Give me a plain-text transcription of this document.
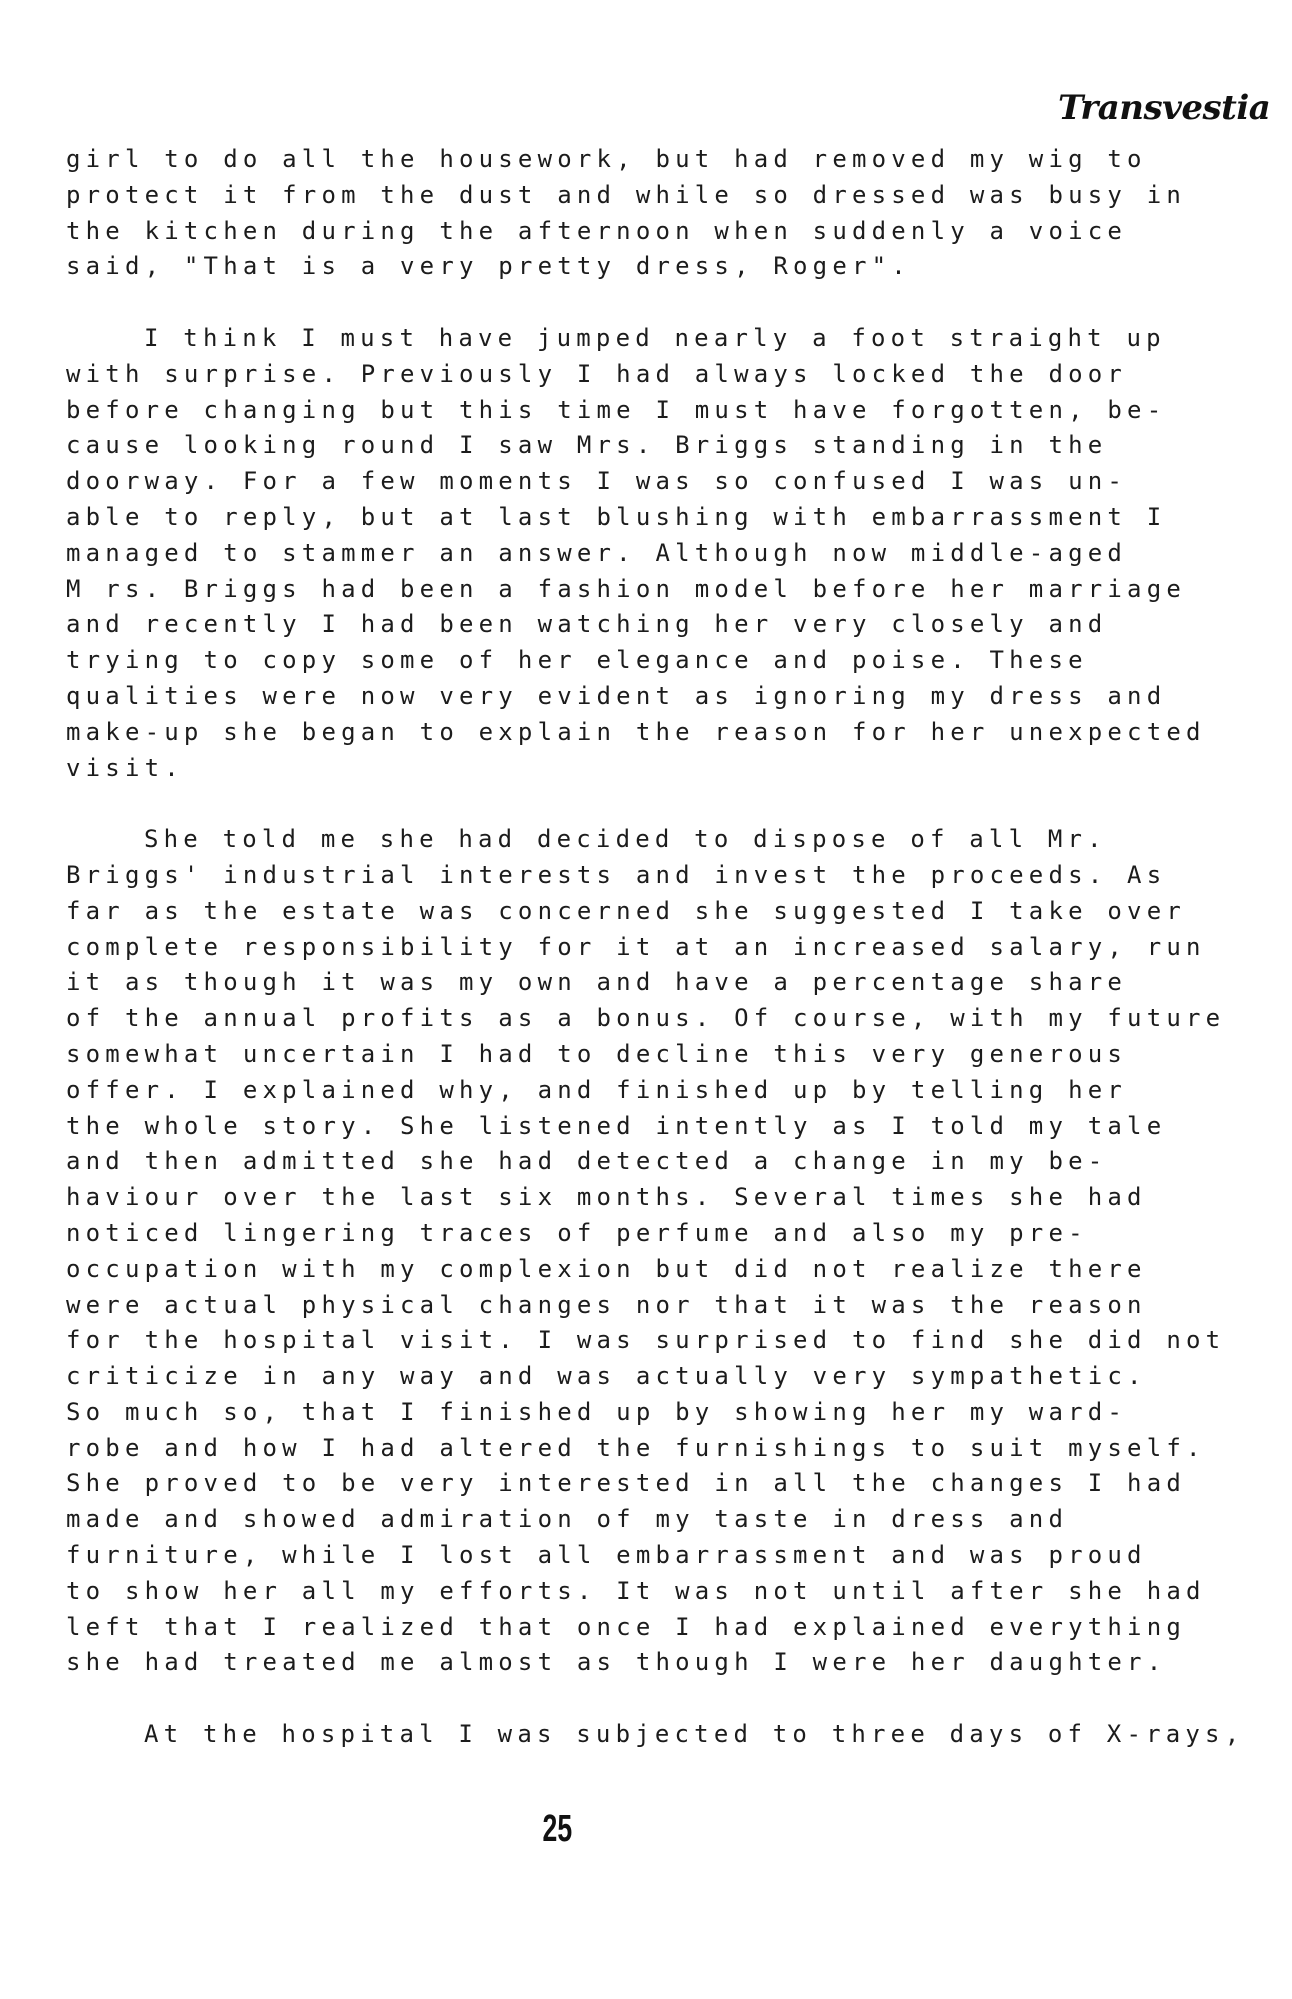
Transvestia
girl to do all the housework, but had removed my wig to
protect it from the dust and while so dressed was busy in
the kitchen during the afternoon when suddenly a voice
said, "That is a very pretty dress, Roger".
I think I must have jumped nearly a foot straight up
with surprise. Previously I had always locked the door
before changing but this time I must have forgotten, be-
cause looking round I saw Mrs. Briggs standing in the
doorway. For a few moments I was so confused I was un-
able to reply, but at last blushing with embarrassment I
managed to stammer an answer. Although now middle-aged
M rs. Briggs had been a fashion model before her marriage
and recently I had been watching her very closely and
trying to copy some of her elegance and poise. These
qualities were now very evident as ignoring my dress and
make-up she began to explain the reason for her unexpected
visit.
She told me she had decided to dispose of all Mr.
Briggs' industrial interests and invest the proceeds. As
far as the estate was concerned she suggested I take over
complete responsibility for it at an increased salary, run
it as though it was my own and have a percentage share
of the annual profits as a bonus. Of course, with my future
somewhat uncertain I had to decline this very generous
offer. I explained why, and finished up by telling her
the whole story. She listened intently as I told my tale
and then admitted she had detected a change in my be-
haviour over the last six months. Several times she had
noticed lingering traces of perfume and also my pre-
occupation with my complexion but did not realize there
were actual physical changes nor that it was the reason
for the hospital visit. I was surprised to find she did not
criticize in any way and was actually very sympathetic.
So much so, that I finished up by showing her my ward-
robe and how I had altered the furnishings to suit myself.
She proved to be very interested in all the changes I had
made and showed admiration of my taste in dress and
furniture, while I lost all embarrassment and was proud
to show her all my efforts. It was not until after she had
left that I realized that once I had explained everything
she had treated me almost as though I were her daughter.
At the hospital I was subjected to three days of X-rays,
25
